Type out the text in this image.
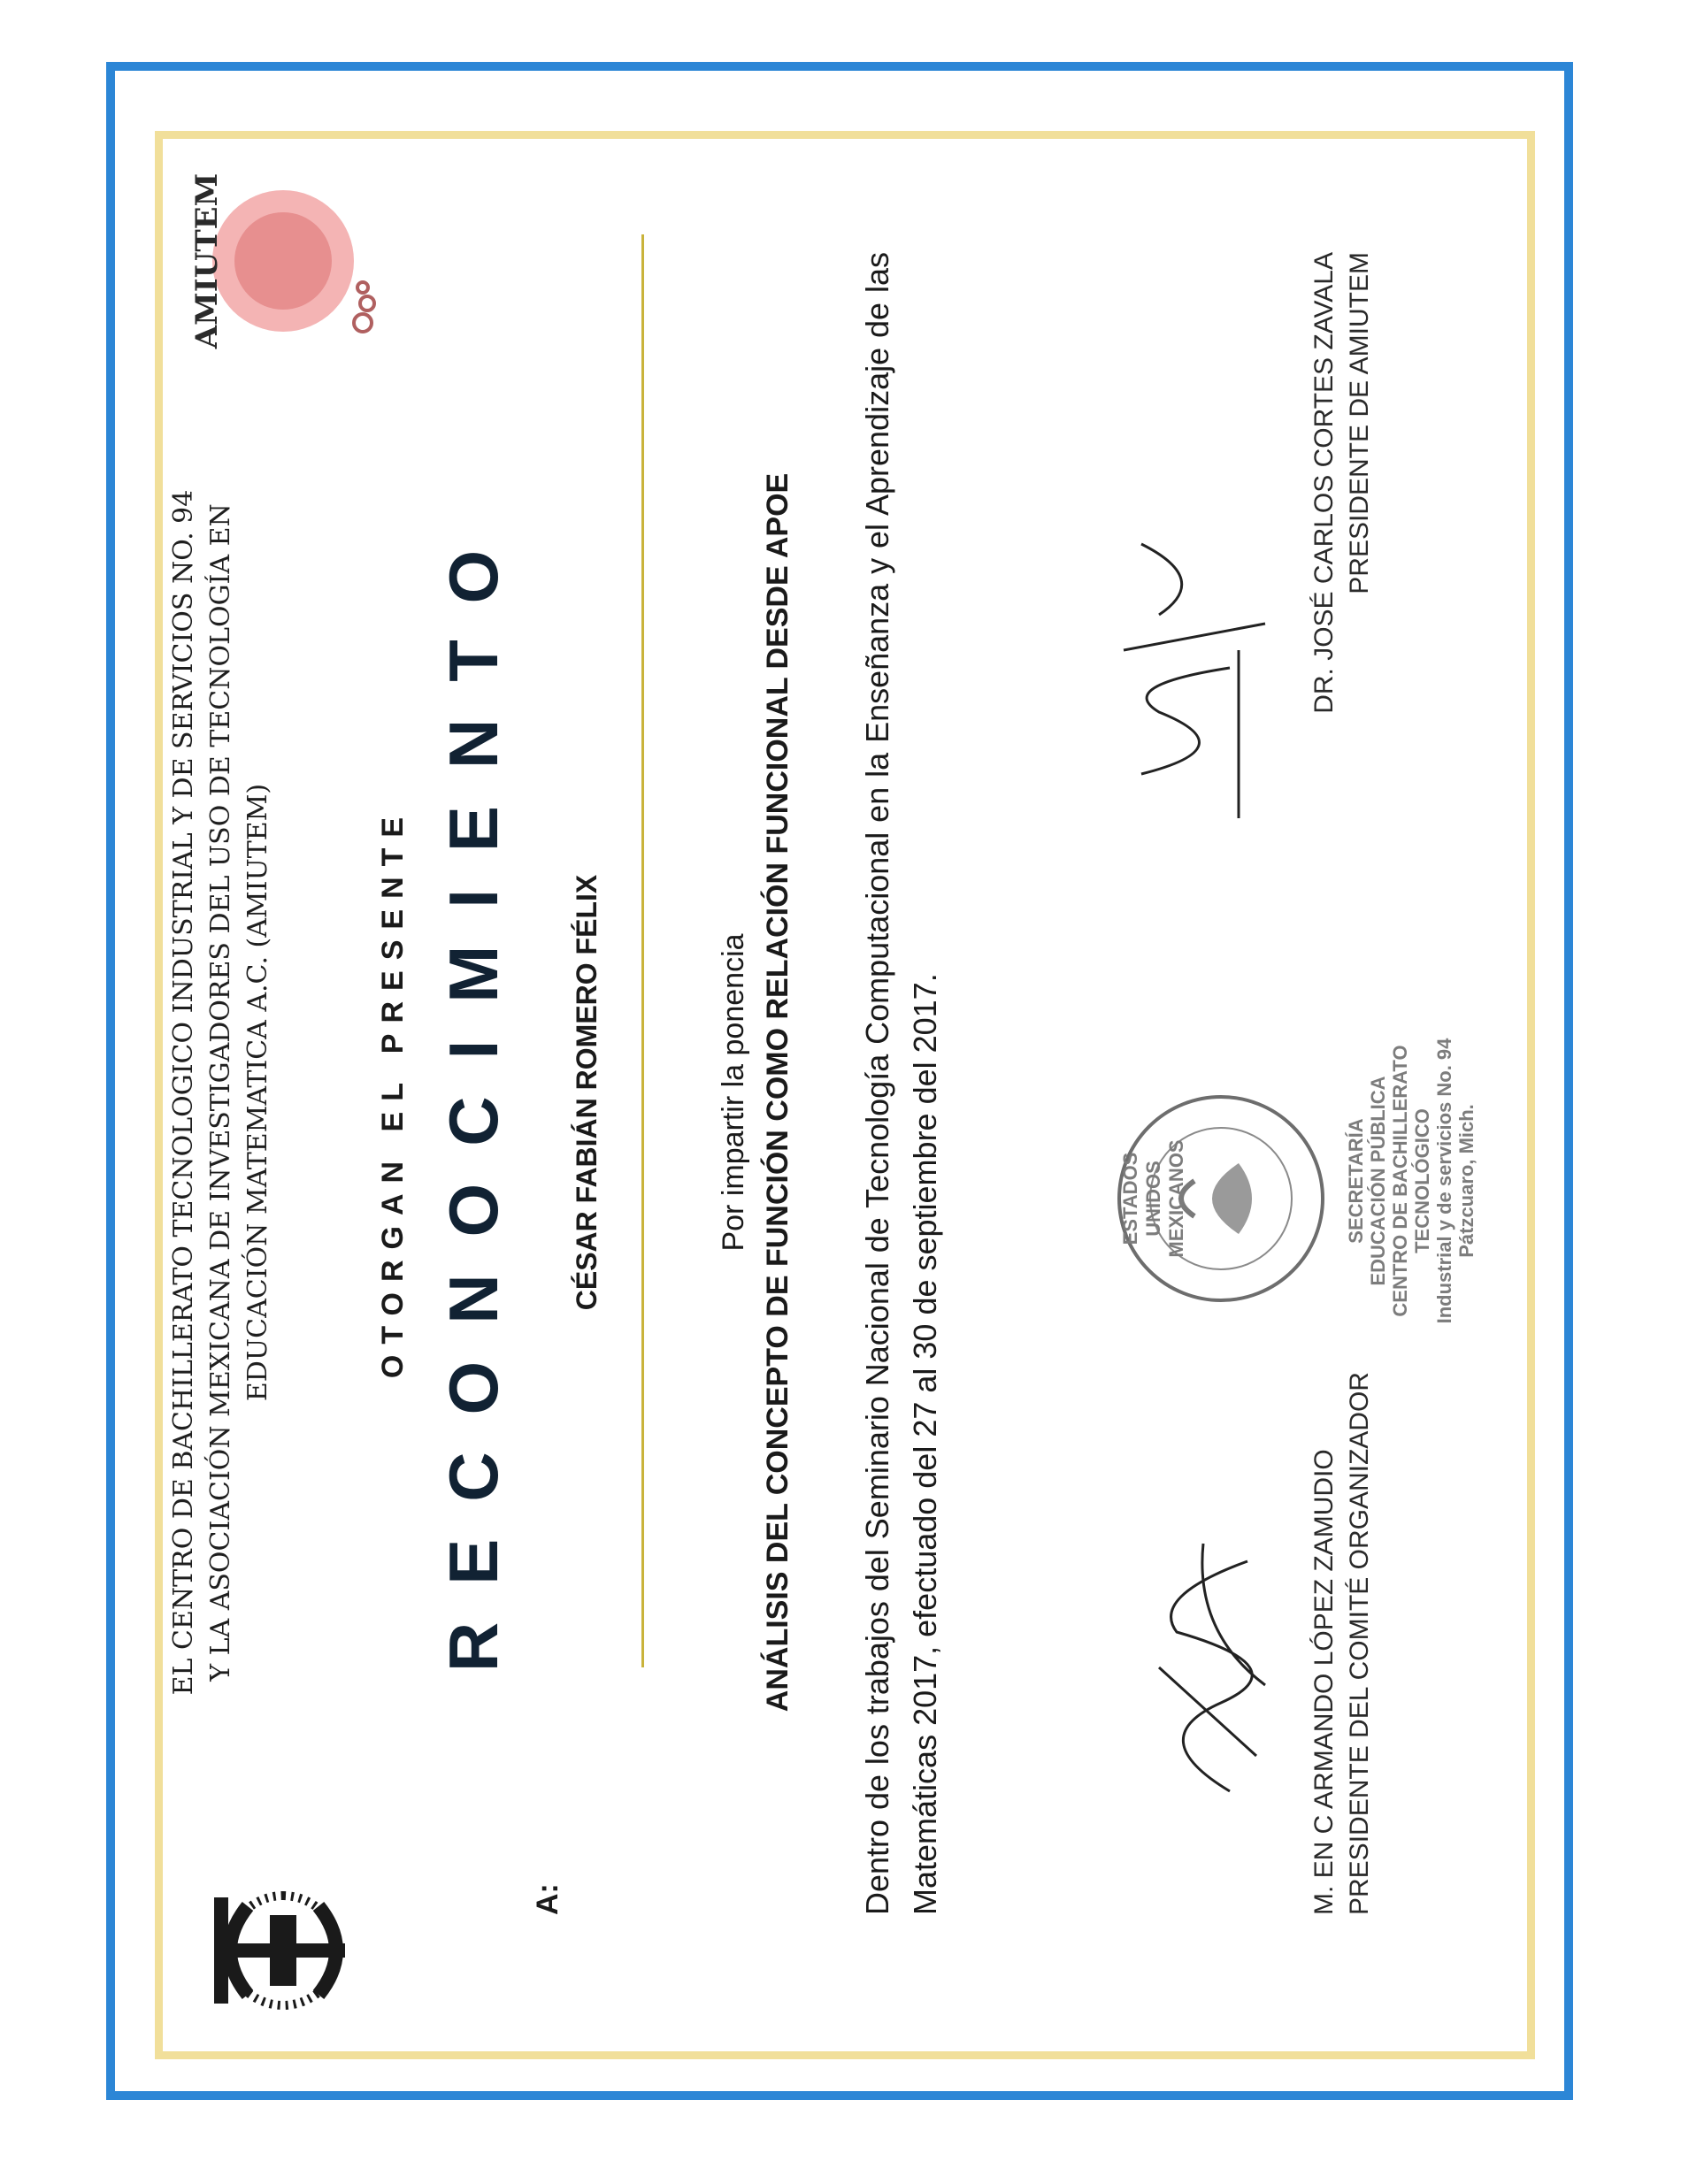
AMIUTEM
EL CENTRO DE BACHILLERATO TECNOLOGICO INDUSTRIAL Y DE SERVICIOS NO. 94 Y LA ASOCIACIÓN MEXICANA DE INVESTIGADORES DEL USO DE TECNOLOGÍA EN EDUCACIÓN MATEMATICA A.C. (AMIUTEM)	OTORGAN EL PRESENTE RECONOCIMIENTO
A:
CÉSAR FABIÁN ROMERO FÉLIX	Por impartir la ponencia ANÁLISIS DEL CONCEPTO DE FUNCIÓN COMO RELACIÓN FUNCIONAL DESDE APOE Dentro de los trabajos del Seminario Nacional de Tecnología Computacional en la Enseñanza y el Aprendizaje de las Matemáticas 2017, efectuado del 27 al 30 de septiembre del 2017.	ESTADOS UNIDOS MEXICANOS	SECRETARÍA EDUCACIÓN PÚBLICA CENTRO DE BACHILLERATO TECNOLÓGICO Industrial y de servicios No. 94 Pátzcuaro, Mich.
M. EN C ARMANDO LÓPEZ ZAMUDIO PRESIDENTE DEL COMITÉ ORGANIZADOR
DR. JOSÉ CARLOS CORTES ZAVALA PRESIDENTE DE AMIUTEM
